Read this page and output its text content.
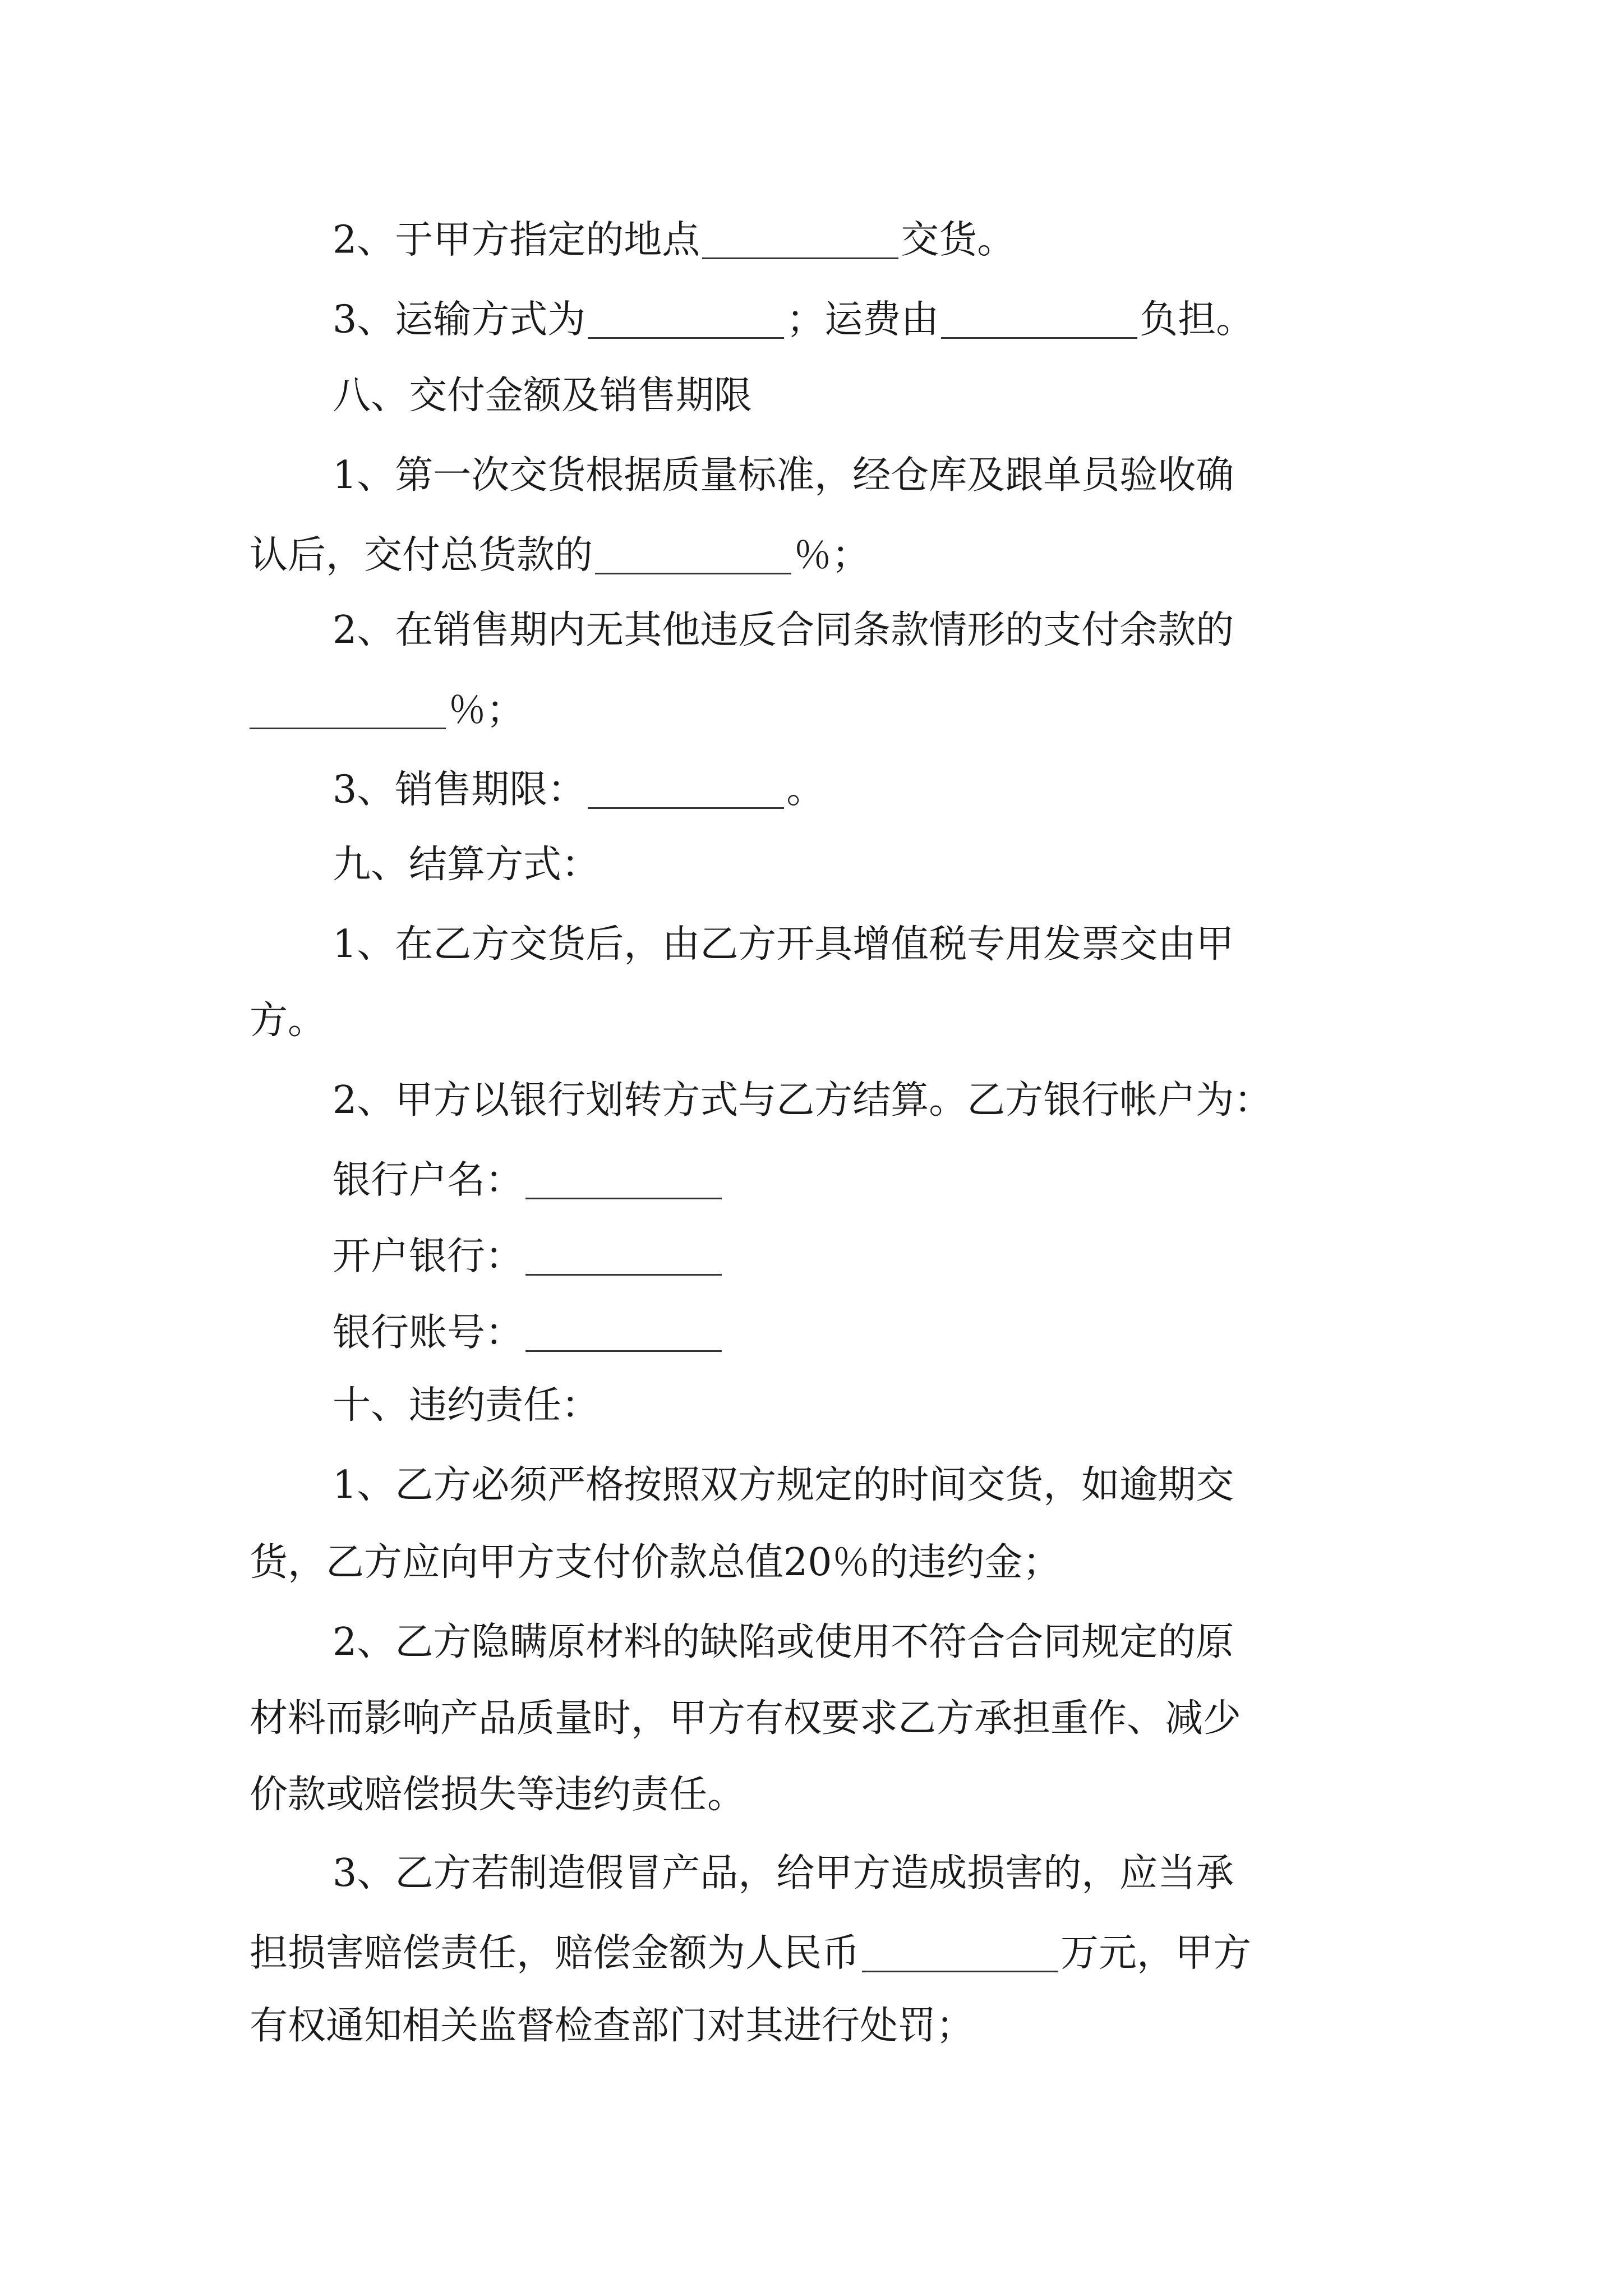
2、于甲方指定的地点	交货。
3、运输方式为	；运费由	负担。
八、交付金额及销售期限
1、第一次交货根据质量标准，经仓库及跟单员验收确
认后，交付总货款的	％；
2、在销售期内无其他违反合同条款情形的支付余款的
％；
3、销售期限：	。
九、结算方式：
1、在乙方交货后，由乙方开具增值税专用发票交由甲
方。
2、甲方以银行划转方式与乙方结算。乙方银行帐户为：
银行户名：
开户银行：
银行账号：
十、违约责任：
1、乙方必须严格按照双方规定的时间交货，如逾期交
货，乙方应向甲方支付价款总值20％的违约金；
2、乙方隐瞒原材料的缺陷或使用不符合合同规定的原
材料而影响产品质量时，甲方有权要求乙方承担重作、减少
价款或赔偿损失等违约责任。
3、乙方若制造假冒产品，给甲方造成损害的，应当承
担损害赔偿责任，赔偿金额为人民币	万元，甲方
有权通知相关监督检查部门对其进行处罚；
